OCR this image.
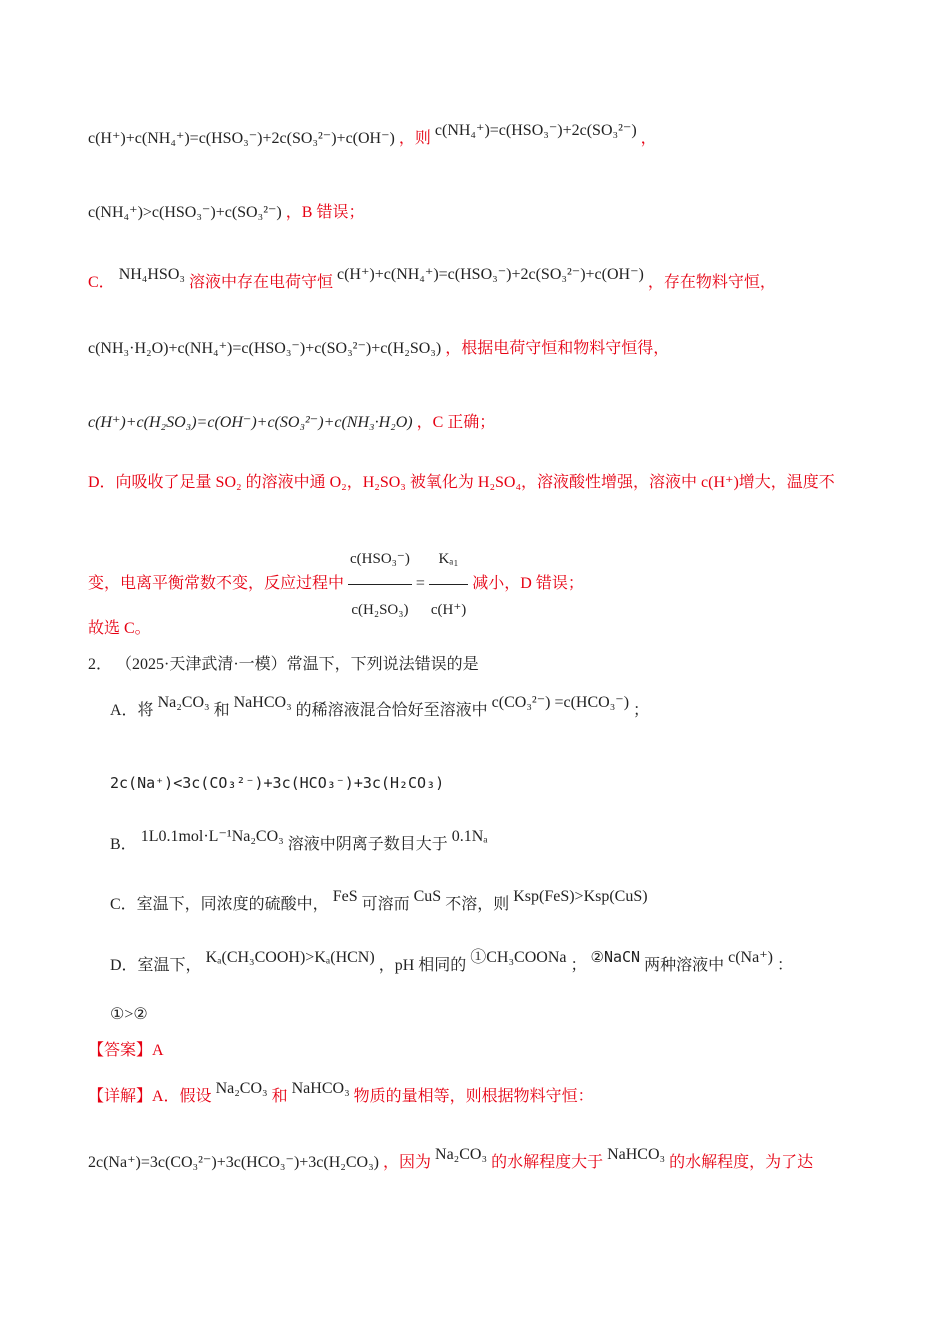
c(H⁺)+c(NH₄⁺)=c(HSO₃⁻)+2c(SO₃²⁻)+c(OH⁻) ，则 c(NH₄⁺)=c(HSO₃⁻)+2c(SO₃²⁻) ，
c(NH₄⁺)>c(HSO₃⁻)+c(SO₃²⁻) ，B 错误；
C． NH₄HSO₃ 溶液中存在电荷守恒 c(H⁺)+c(NH₄⁺)=c(HSO₃⁻)+2c(SO₃²⁻)+c(OH⁻) ，存在物料守恒，
c(NH₃·H₂O)+c(NH₄⁺)=c(HSO₃⁻)+c(SO₃²⁻)+c(H₂SO₃) ，根据电荷守恒和物料守恒得，
c(H⁺)+c(H₂SO₃)=c(OH⁻)+c(SO₃²⁻)+c(NH₃·H₂O) ，C 正确；
D．向吸收了足量 SO₂ 的溶液中通 O₂，H₂SO₃ 被氧化为 H₂SO₄，溶液酸性增强，溶液中 c(H⁺)增大，温度不
变，电离平衡常数不变，反应过程中 $\frac{\text{c(HSO₃⁻)}}{\text{c(H₂SO₃)}} = \frac{\text{Kₐ₁}}{c(H^+)}$ 减小，D 错误；
故选 C。
2． （2025·天津武清·一模）常温下，下列说法错误的是
A．将 Na₂CO₃ 和 NaHCO₃ 的稀溶液混合恰好至溶液中 c(CO₃²⁻) =c(HCO₃⁻) ；
2c(Na⁺)<3c(CO₃²⁻)+3c(HCO₃⁻)+3c(H₂CO₃)
B． 1L0.1mol·L⁻¹Na₂CO₃ 溶液中阴离子数目大于 0.1Nₐ
C．室温下，同浓度的硫酸中， FeS 可溶而 CuS 不溶，则 Ksp(FeS)>Ksp(CuS)
D．室温下， Kₐ(CH₃COOH)>Kₐ(HCN) ，pH 相同的 ①CH₃COONa ； ②NaCN 两种溶液中 c(Na⁺) ：
①>②
【答案】A
【详解】A．假设 Na₂CO₃ 和 NaHCO₃ 物质的量相等，则根据物料守恒：
2c(Na⁺)=3c(CO₃²⁻)+3c(HCO₃⁻)+3c(H₂CO₃) ，因为 Na₂CO₃ 的水解程度大于 NaHCO₃ 的水解程度，为了达
